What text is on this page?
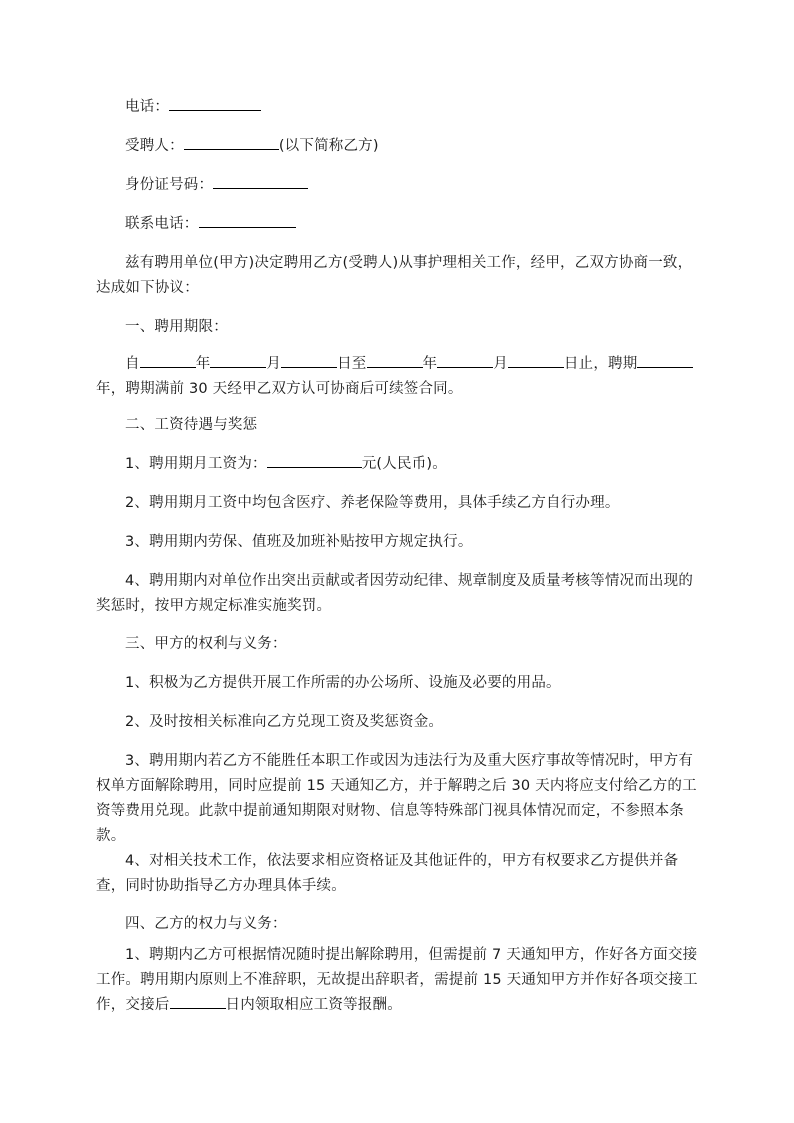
电话：

受聘人：	(以下简称乙方)

身份证号码：

联系电话：

兹有聘用单位(甲方)决定聘用乙方(受聘人)从事护理相关工作，经甲，乙双方协商一致，达成如下协议：

一、聘用期限：

自	年	月	日至	年	月	日止，聘期年，聘期满前 30 天经甲乙双方认可协商后可续签合同。

二、工资待遇与奖惩

1、聘用期月工资为：	元(人民币)。

2、聘用期月工资中均包含医疗、养老保险等费用，具体手续乙方自行办理。

3、聘用期内劳保、值班及加班补贴按甲方规定执行。

4、聘用期内对单位作出突出贡献或者因劳动纪律、规章制度及质量考核等情况而出现的奖惩时，按甲方规定标准实施奖罚。

三、甲方的权利与义务：

1、积极为乙方提供开展工作所需的办公场所、设施及必要的用品。

2、及时按相关标准向乙方兑现工资及奖惩资金。

3、聘用期内若乙方不能胜任本职工作或因为违法行为及重大医疗事故等情况时，甲方有权单方面解除聘用，同时应提前 15 天通知乙方，并于解聘之后 30 天内将应支付给乙方的工资等费用兑现。此款中提前通知期限对财物、信息等特殊部门视具体情况而定，不参照本条款。

4、对相关技术工作，依法要求相应资格证及其他证件的，甲方有权要求乙方提供并备查，同时协助指导乙方办理具体手续。

四、乙方的权力与义务：

1、聘期内乙方可根据情况随时提出解除聘用，但需提前 7 天通知甲方，作好各方面交接工作。聘用期内原则上不准辞职，无故提出辞职者，需提前 15 天通知甲方并作好各项交接工作，交接后	日内领取相应工资等报酬。
